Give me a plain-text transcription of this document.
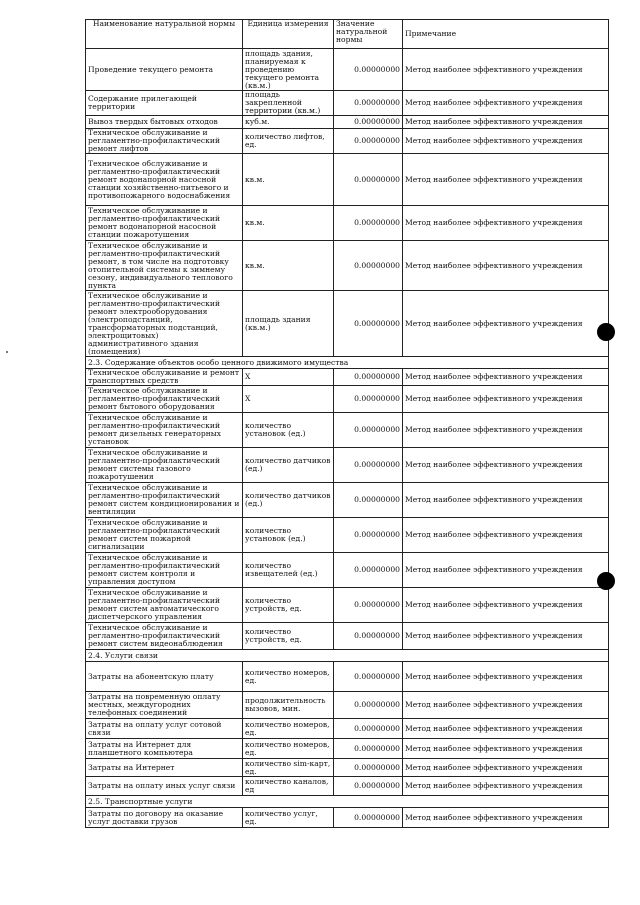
Наименование натуральной нормы	Единица измерения	Значение натуральной нормы	Примечание
Проведение текущего ремонта	площадь здания, планируемая к проведению текущего ремонта (кв.м.)	0.00000000	Метод наиболее эффективного учреждения
Содержание прилегающей территории	площадь закрепленной территории (кв.м.)	0.00000000	Метод наиболее эффективного учреждения
Вывоз твердых бытовых отходов	куб.м.	0.00000000	Метод наиболее эффективного учреждения
Техническое обслуживание и регламентно-профилактический ремонт лифтов	количество лифтов, ед.	0.00000000	Метод наиболее эффективного учреждения
Техническое обслуживание и регламентно-профилактический ремонт водонапорной насосной станции хозяйственно-питьевого и противопожарного водоснабжения	кв.м.	0.00000000	Метод наиболее эффективного учреждения
Техническое обслуживание и регламентно-профилактический ремонт водонапорной насосной станции пожаротушения	кв.м.	0.00000000	Метод наиболее эффективного учреждения
Техническое обслуживание и регламентно-профилактический ремонт, в том числе на подготовку отопительной системы к зимнему сезону, индивидуального теплового пункта	кв.м.	0.00000000	Метод наиболее эффективного учреждения
Техническое обслуживание и регламентно-профилактический ремонт электрооборудования (электроподстанций, трансформаторных подстанций, электрощитовых) административного здания (помещения)	площадь здания (кв.м.)	0.00000000	Метод наиболее эффективного учреждения
2.3. Содержание объектов особо ценного движимого имущества			
Техническое обслуживание и ремонт транспортных средств	X	0.00000000	Метод наиболее эффективного учреждения
Техническое обслуживание и регламентно-профилактический ремонт бытового оборудования	X	0.00000000	Метод наиболее эффективного учреждения
Техническое обслуживание и регламентно-профилактический ремонт дизельных генераторных установок	количество установок (ед.)	0.00000000	Метод наиболее эффективного учреждения
Техническое обслуживание и регламентно-профилактический ремонт системы газового пожаротушения	количество датчиков (ед.)	0.00000000	Метод наиболее эффективного учреждения
Техническое обслуживание и регламентно-профилактический ремонт систем кондиционирования и вентиляции	количество датчиков (ед.)	0.00000000	Метод наиболее эффективного учреждения
Техническое обслуживание и регламентно-профилактический ремонт систем пожарной сигнализации	количество установок (ед.)	0.00000000	Метод наиболее эффективного учреждения
Техническое обслуживание и регламентно-профилактический ремонт систем контроля и управления доступом	количество извещателей (ед.)	0.00000000	Метод наиболее эффективного учреждения
Техническое обслуживание и регламентно-профилактический ремонт систем автоматического диспетчерского управления	количество устройств, ед.	0.00000000	Метод наиболее эффективного учреждения
Техническое обслуживание и регламентно-профилактический ремонт систем видеонаблюдения	количество устройств, ед.	0.00000000	Метод наиболее эффективного учреждения
2.4. Услуги связи			
Затраты на абонентскую плату	количество номеров, ед.	0.00000000	Метод наиболее эффективного учреждения
Затраты на повременную оплату местных, междугородних телефонных соединений	продолжительность вызовов, мин.	0.00000000	Метод наиболее эффективного учреждения
Затраты на оплату услуг сотовой связи	количество номеров, ед.	0.00000000	Метод наиболее эффективного учреждения
Затраты на Интернет для планшетного компьютера	количество номеров, ед.	0.00000000	Метод наиболее эффективного учреждения
Затраты на Интернет	количество sim-карт, ед.	0.00000000	Метод наиболее эффективного учреждения
Затраты на оплату иных услуг связи	количество каналов, ед	0.00000000	Метод наиболее эффективного учреждения
2.5. Транспортные услуги			
Затраты по договору на оказание услуг доставки грузов	количество услуг, ед.	0.00000000	Метод наиболее эффективного учреждения
